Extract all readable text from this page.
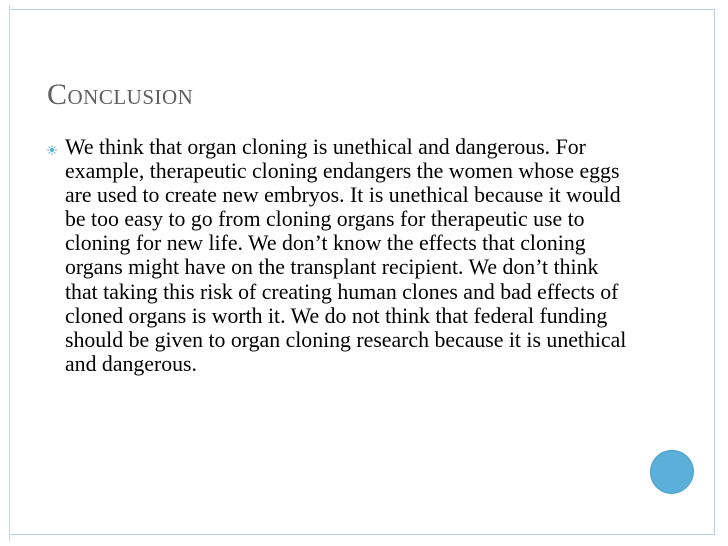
CONCLUSION

We think that organ cloning is unethical and dangerous. For example, therapeutic cloning endangers the women whose eggs are used to create new embryos. It is unethical because it would be too easy to go from cloning organs for therapeutic use to cloning for new life. We don’t know the effects that cloning organs might have on the transplant recipient. We don’t think that taking this risk of creating human clones and bad effects of cloned organs is worth it. We do not think that federal funding should be given to organ cloning research because it is unethical and dangerous.
